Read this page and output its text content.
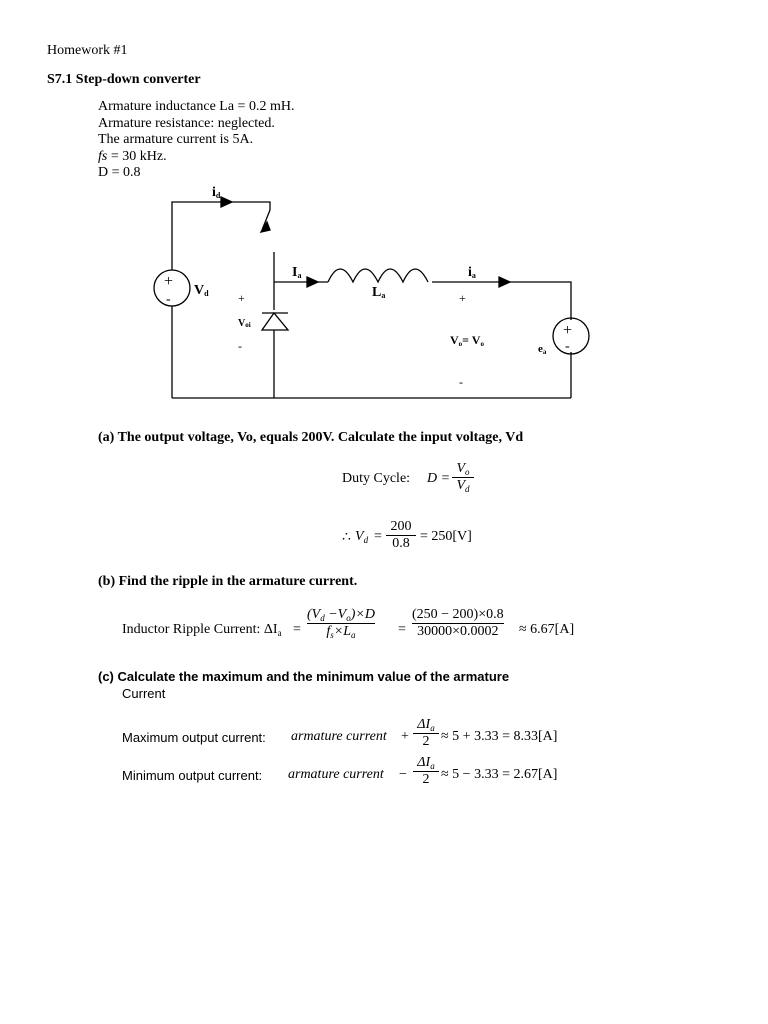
Homework #1
S7.1 Step-down converter
Armature inductance La = 0.2 mH.
Armature resistance: neglected.
The armature current is 5A.
fs = 30 kHz.
D = 0.8
+
-
+
-
id
Vd
Ia
La
ia
+
Voi
-
+
Vo= Vo
-
ea
(a) The output voltage, Vo, equals 200V. Calculate the input voltage, Vd
Duty Cycle: D =
$V_o$
$V_d$
∴ $V_d$ =
200
0.8 = 250[V]
(b) Find the ripple in the armature current.
Inductor Ripple Current: $\Delta I_a$ =
$(V_d -V_o)\times D$
$f_s\times L_a$	=
(250 − 200)×0.8
30000×0.0002 ≈ 6.67[A]
(c) Calculate the maximum and the minimum value of the armature
Current
Maximum output current: armature current +
$\Delta I_a$
2 ≈ 5 + 3.33 = 8.33[A]
Minimum output current: armature current −
$\Delta I_a$
2 ≈ 5 − 3.33 = 2.67[A]
